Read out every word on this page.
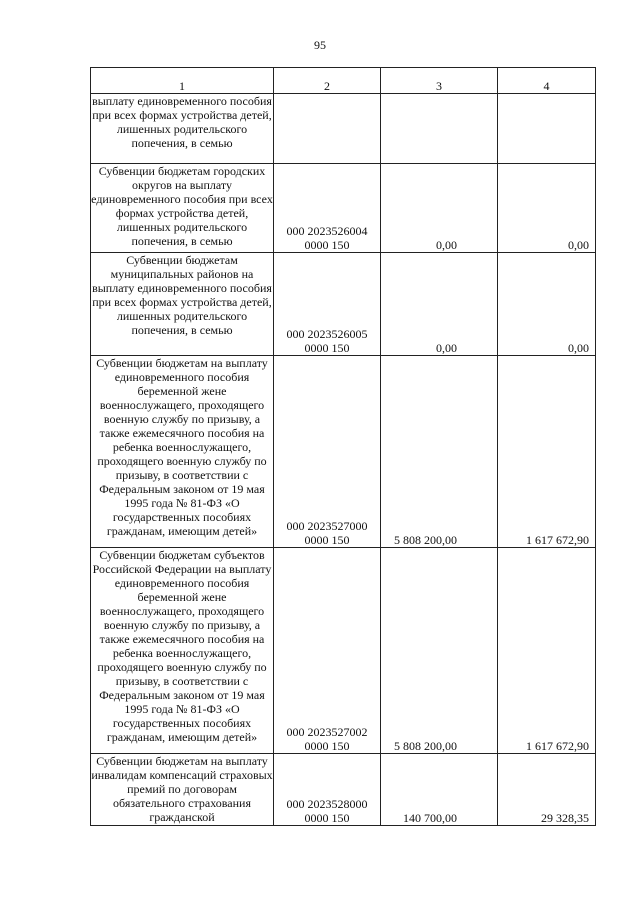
95
1	2	3	4
выплату единовременного пособия при всех формах устройства детей, лишенных родительского попечения, в семью			
Субвенции бюджетам городских округов на выплату единовременного пособия при всех формах устройства детей, лишенных родительского попечения, в семью	000 2023526004 0000 150	0,00	0,00
Субвенции бюджетам муниципальных районов на выплату единовременного пособия при всех формах устройства детей, лишенных родительского попечения, в семью	000 2023526005 0000 150	0,00	0,00
Субвенции бюджетам на выплату единовременного пособия беременной жене военнослужащего, проходящего военную службу по призыву, а также ежемесячного пособия на ребенка военнослужащего, проходящего военную службу по призыву, в соответствии с Федеральным законом от 19 мая 1995 года № 81-ФЗ «О государственных пособиях гражданам, имеющим детей»	000 2023527000 0000 150	5 808 200,00	1 617 672,90
Субвенции бюджетам субъектов Российской Федерации на выплату единовременного пособия беременной жене военнослужащего, проходящего военную службу по призыву, а также ежемесячного пособия на ребенка военнослужащего, проходящего военную службу по призыву, в соответствии с Федеральным законом от 19 мая 1995 года № 81-ФЗ «О государственных пособиях гражданам, имеющим детей»	000 2023527002 0000 150	5 808 200,00	1 617 672,90
Субвенции бюджетам на выплату инвалидам компенсаций страховых премий по договорам обязательного страхования гражданской	000 2023528000 0000 150	140 700,00	29 328,35
